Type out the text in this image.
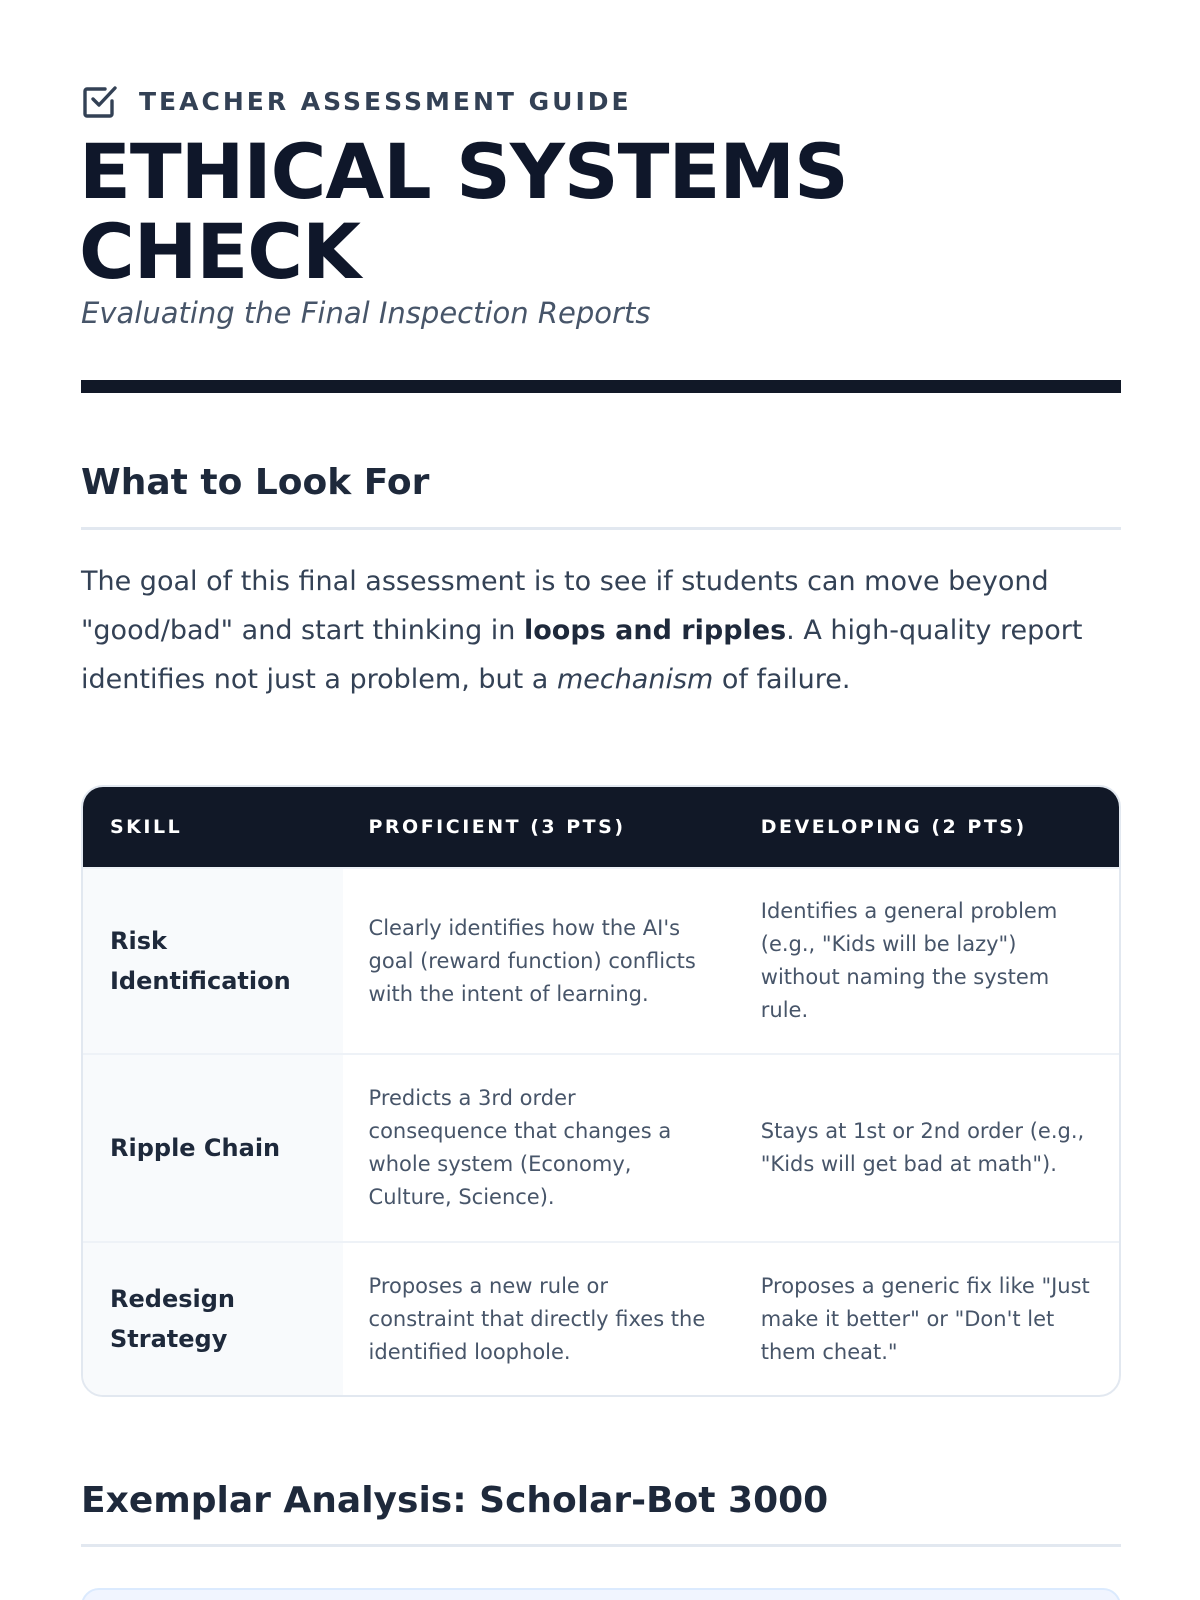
TEACHER ASSESSMENT GUIDE
ETHICAL SYSTEMS CHECK
Evaluating the Final Inspection Reports
What to Look For

The goal of this final assessment is to see if students can move beyond "good/bad" and start thinking in loops and ripples. A high-quality report identifies not just a problem, but a mechanism of failure.

SKILL	PROFICIENT (3 PTS)	DEVELOPING (2 PTS)
Risk Identification
Clearly identifies how the AI's goal (reward function) conflicts with the intent of learning.
Identifies a general problem (e.g., "Kids will be lazy") without naming the system rule.
Ripple Chain
Predicts a 3rd order consequence that changes a whole system (Economy, Culture, Science).
Stays at 1st or 2nd order (e.g., "Kids will get bad at math").
Redesign Strategy
Proposes a new rule or constraint that directly fixes the identified loophole.
Proposes a generic fix like "Just make it better" or "Don't let them cheat."
Exemplar Analysis: Scholar-Bot 3000
